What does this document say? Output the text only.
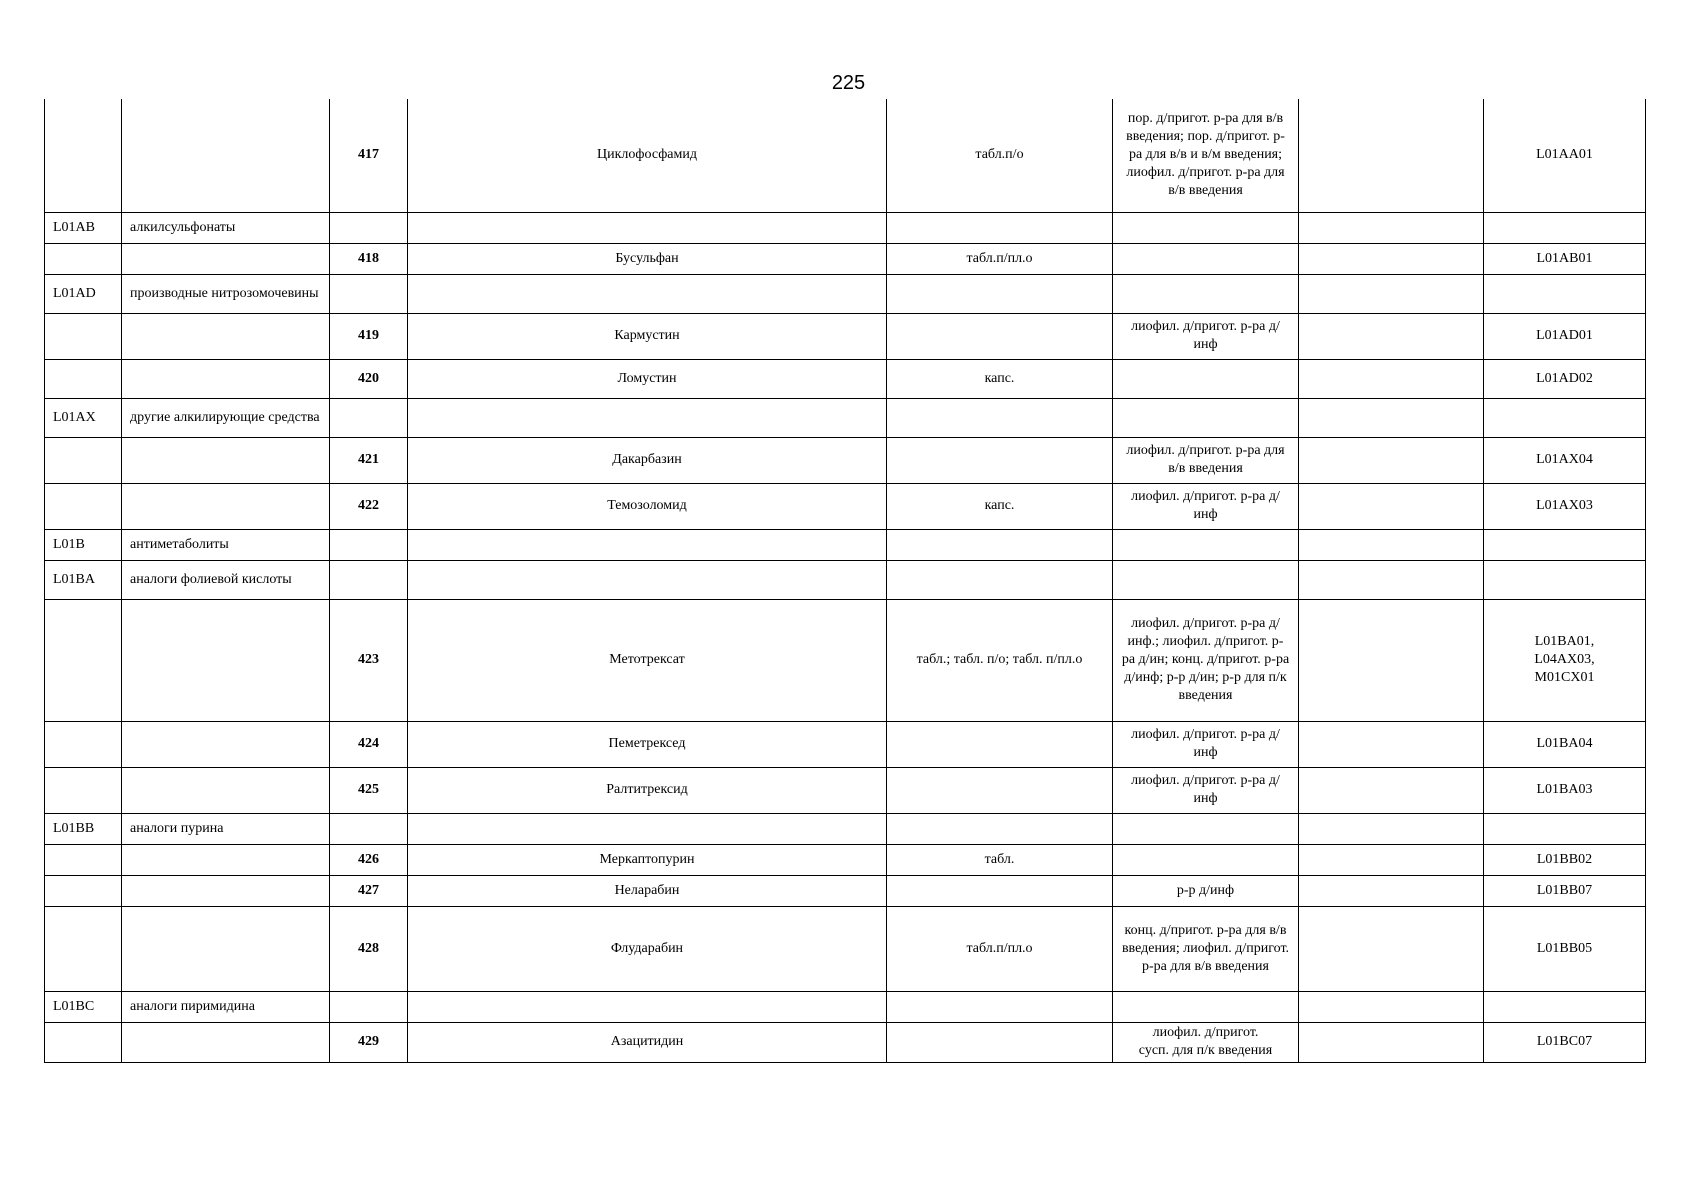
225
		417	Циклофосфамид	табл.п/о	пор. д/пригот. р-ра для в/в введения; пор. д/пригот. р-ра для в/в и в/м введения; лиофил. д/пригот. р-ра для в/в введения		L01AA01
L01AB	алкилсульфонаты						
		418	Бусульфан	табл.п/пл.о			L01AB01
L01AD	производные нитрозомочевины						
		419	Кармустин		лиофил. д/пригот. р-ра д/инф		L01AD01
		420	Ломустин	капс.			L01AD02
L01AX	другие алкилирующие средства						
		421	Дакарбазин		лиофил. д/пригот. р-ра для в/в введения		L01AX04
		422	Темозоломид	капс.	лиофил. д/пригот. р-ра д/инф		L01AX03
L01B	антиметаболиты						
L01BA	аналоги фолиевой кислоты						
		423	Метотрексат	табл.; табл. п/о; табл. п/пл.о	лиофил. д/пригот. р-ра д/инф.; лиофил. д/пригот. р-ра д/ин; конц. д/пригот. р-ра д/инф; р-р д/ин; р-р для п/к введения		L01BA01,
L04AX03,
M01CX01
		424	Пеметрексед		лиофил. д/пригот. р-ра д/инф		L01BA04
		425	Ралтитрексид		лиофил. д/пригот. р-ра д/инф		L01BA03
L01BB	аналоги пурина						
		426	Меркаптопурин	табл.			L01BB02
		427	Неларабин		р-р д/инф		L01BB07
		428	Флударабин	табл.п/пл.о	конц. д/пригот. р-ра для в/в введения; лиофил. д/пригот. р-ра для в/в введения		L01BB05
L01BC	аналоги пиримидина						
		429	Азацитидин		лиофил. д/пригот.
сусп. для п/к введения		L01BC07
